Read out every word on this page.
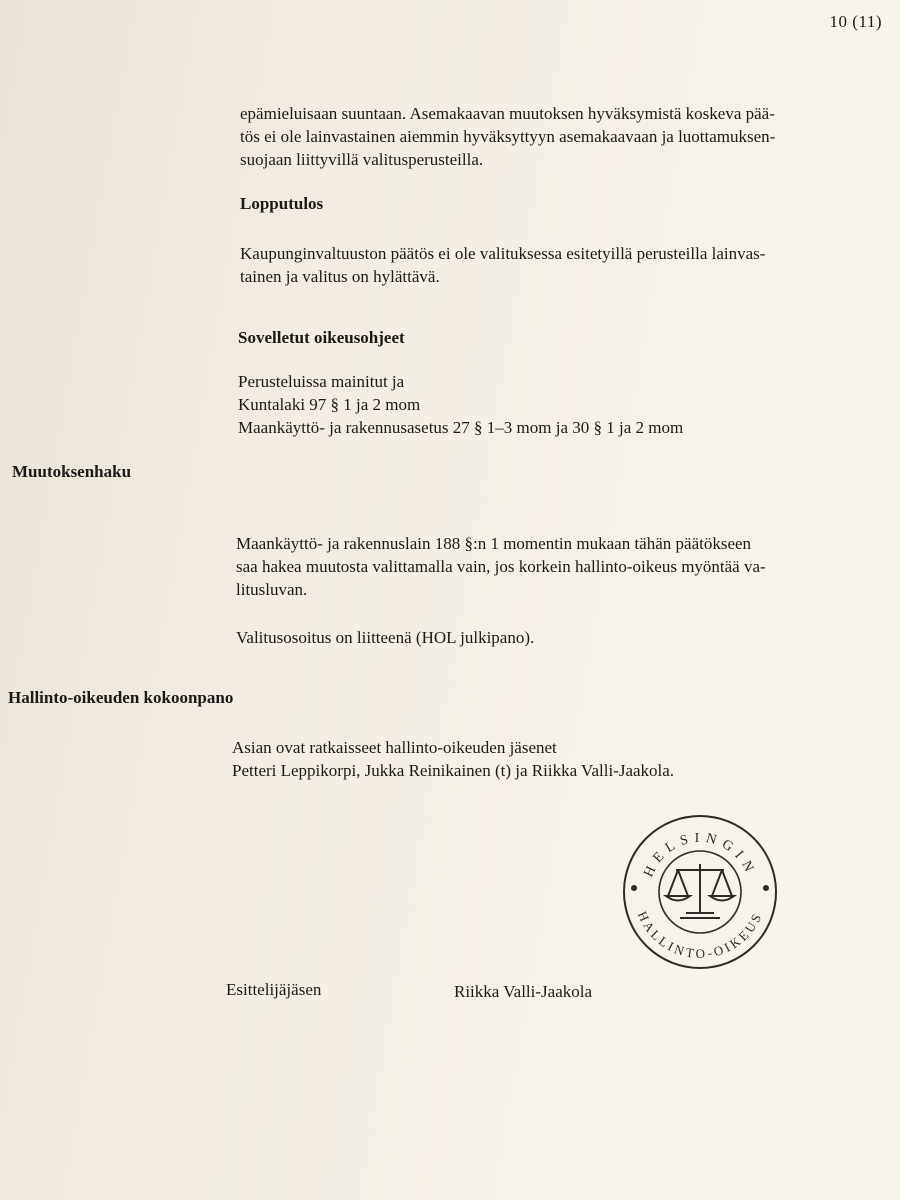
10 (11)

epämieluisaan suuntaan. Asemakaavan muutoksen hyväksymistä koskeva pää-
tös ei ole lainvastainen aiemmin hyväksyttyyn asemakaavaan ja luottamuksen-
suojaan liittyvillä valitusperusteilla.

Lopputulos

Kaupunginvaltuuston päätös ei ole valituksessa esitetyillä perusteilla lainvas-
tainen ja valitus on hylättävä.

Sovelletut oikeusohjeet

Perusteluissa mainitut ja
Kuntalaki 97 § 1 ja 2 mom
Maankäyttö- ja rakennusasetus 27 § 1–3 mom ja 30 § 1 ja 2 mom

Muutoksenhaku

Maankäyttö- ja rakennuslain 188 §:n 1 momentin mukaan tähän päätökseen
saa hakea muutosta valittamalla vain, jos korkein hallinto-oikeus myöntää va-
litusluvan.

Valitusosoitus on liitteenä (HOL julkipano).

Hallinto-oikeuden kokoonpano

Asian ovat ratkaisseet hallinto-oikeuden jäsenet
Petteri Leppikorpi, Jukka Reinikainen (t) ja Riikka Valli-Jaakola.

HELSINGIN
HALLINTO-OIKEUS
Esittelijäjäsen	Riikka Valli-Jaakola
